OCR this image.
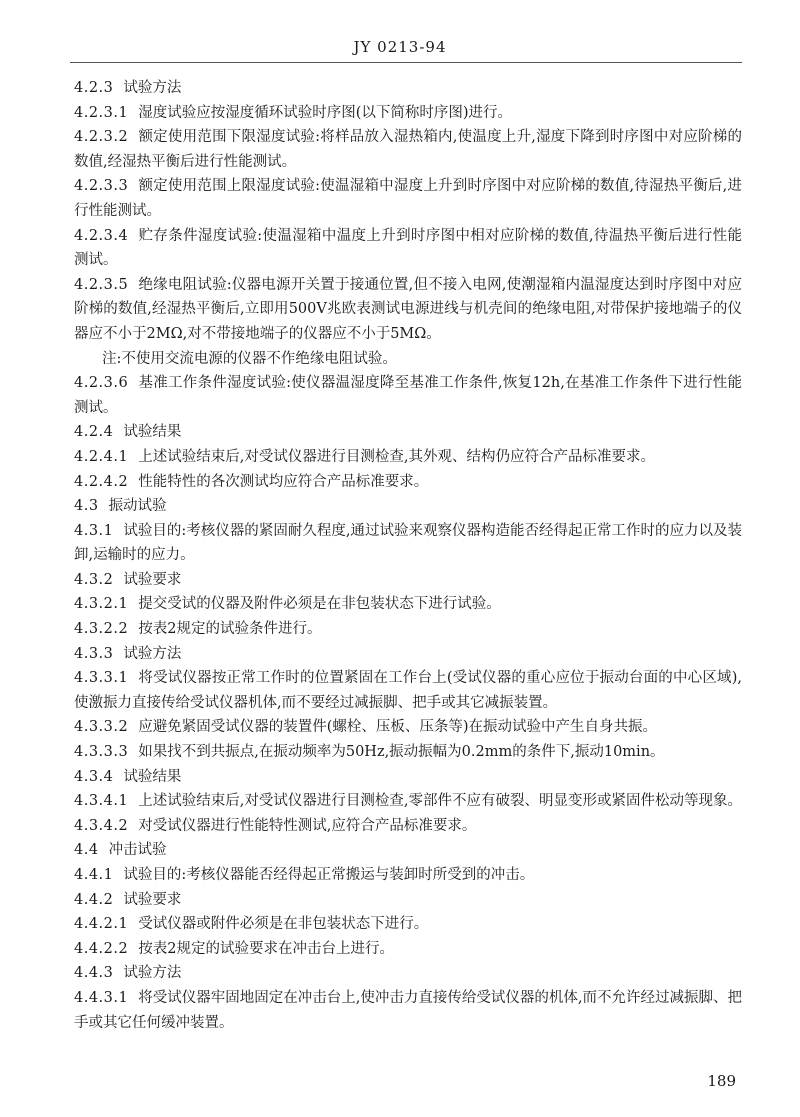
JY 0213-94

4.2.3 试验方法

4.2.3.1 湿度试验应按湿度循环试验时序图(以下简称时序图)进行。

4.2.3.2 额定使用范围下限湿度试验:将样品放入湿热箱内,使温度上升,湿度下降到时序图中对应阶梯的数值,经湿热平衡后进行性能测试。

4.2.3.3 额定使用范围上限湿度试验:使温湿箱中湿度上升到时序图中对应阶梯的数值,待湿热平衡后,进行性能测试。

4.2.3.4 贮存条件湿度试验:使温湿箱中温度上升到时序图中相对应阶梯的数值,待温热平衡后进行性能测试。

4.2.3.5 绝缘电阻试验:仪器电源开关置于接通位置,但不接入电网,使潮湿箱内温湿度达到时序图中对应阶梯的数值,经湿热平衡后,立即用500V兆欧表测试电源进线与机壳间的绝缘电阻,对带保护接地端子的仪器应不小于2MΩ,对不带接地端子的仪器应不小于5MΩ。

注:不使用交流电源的仪器不作绝缘电阻试验。

4.2.3.6 基准工作条件湿度试验:使仪器温湿度降至基准工作条件,恢复12h,在基准工作条件下进行性能测试。

4.2.4 试验结果

4.2.4.1 上述试验结束后,对受试仪器进行目测检查,其外观、结构仍应符合产品标准要求。

4.2.4.2 性能特性的各次测试均应符合产品标准要求。

4.3 振动试验

4.3.1 试验目的:考核仪器的紧固耐久程度,通过试验来观察仪器构造能否经得起正常工作时的应力以及装卸,运输时的应力。

4.3.2 试验要求

4.3.2.1 提交受试的仪器及附件必须是在非包装状态下进行试验。

4.3.2.2 按表2规定的试验条件进行。

4.3.3 试验方法

4.3.3.1 将受试仪器按正常工作时的位置紧固在工作台上(受试仪器的重心应位于振动台面的中心区域),使激振力直接传给受试仪器机体,而不要经过减振脚、把手或其它减振装置。

4.3.3.2 应避免紧固受试仪器的装置件(螺栓、压板、压条等)在振动试验中产生自身共振。

4.3.3.3 如果找不到共振点,在振动频率为50Hz,振动振幅为0.2mm的条件下,振动10min。

4.3.4 试验结果

4.3.4.1 上述试验结束后,对受试仪器进行目测检查,零部件不应有破裂、明显变形或紧固件松动等现象。

4.3.4.2 对受试仪器进行性能特性测试,应符合产品标准要求。

4.4 冲击试验

4.4.1 试验目的:考核仪器能否经得起正常搬运与装卸时所受到的冲击。

4.4.2 试验要求

4.4.2.1 受试仪器或附件必须是在非包装状态下进行。

4.4.2.2 按表2规定的试验要求在冲击台上进行。

4.4.3 试验方法

4.4.3.1 将受试仪器牢固地固定在冲击台上,使冲击力直接传给受试仪器的机体,而不允许经过减振脚、把手或其它任何缓冲装置。

189
